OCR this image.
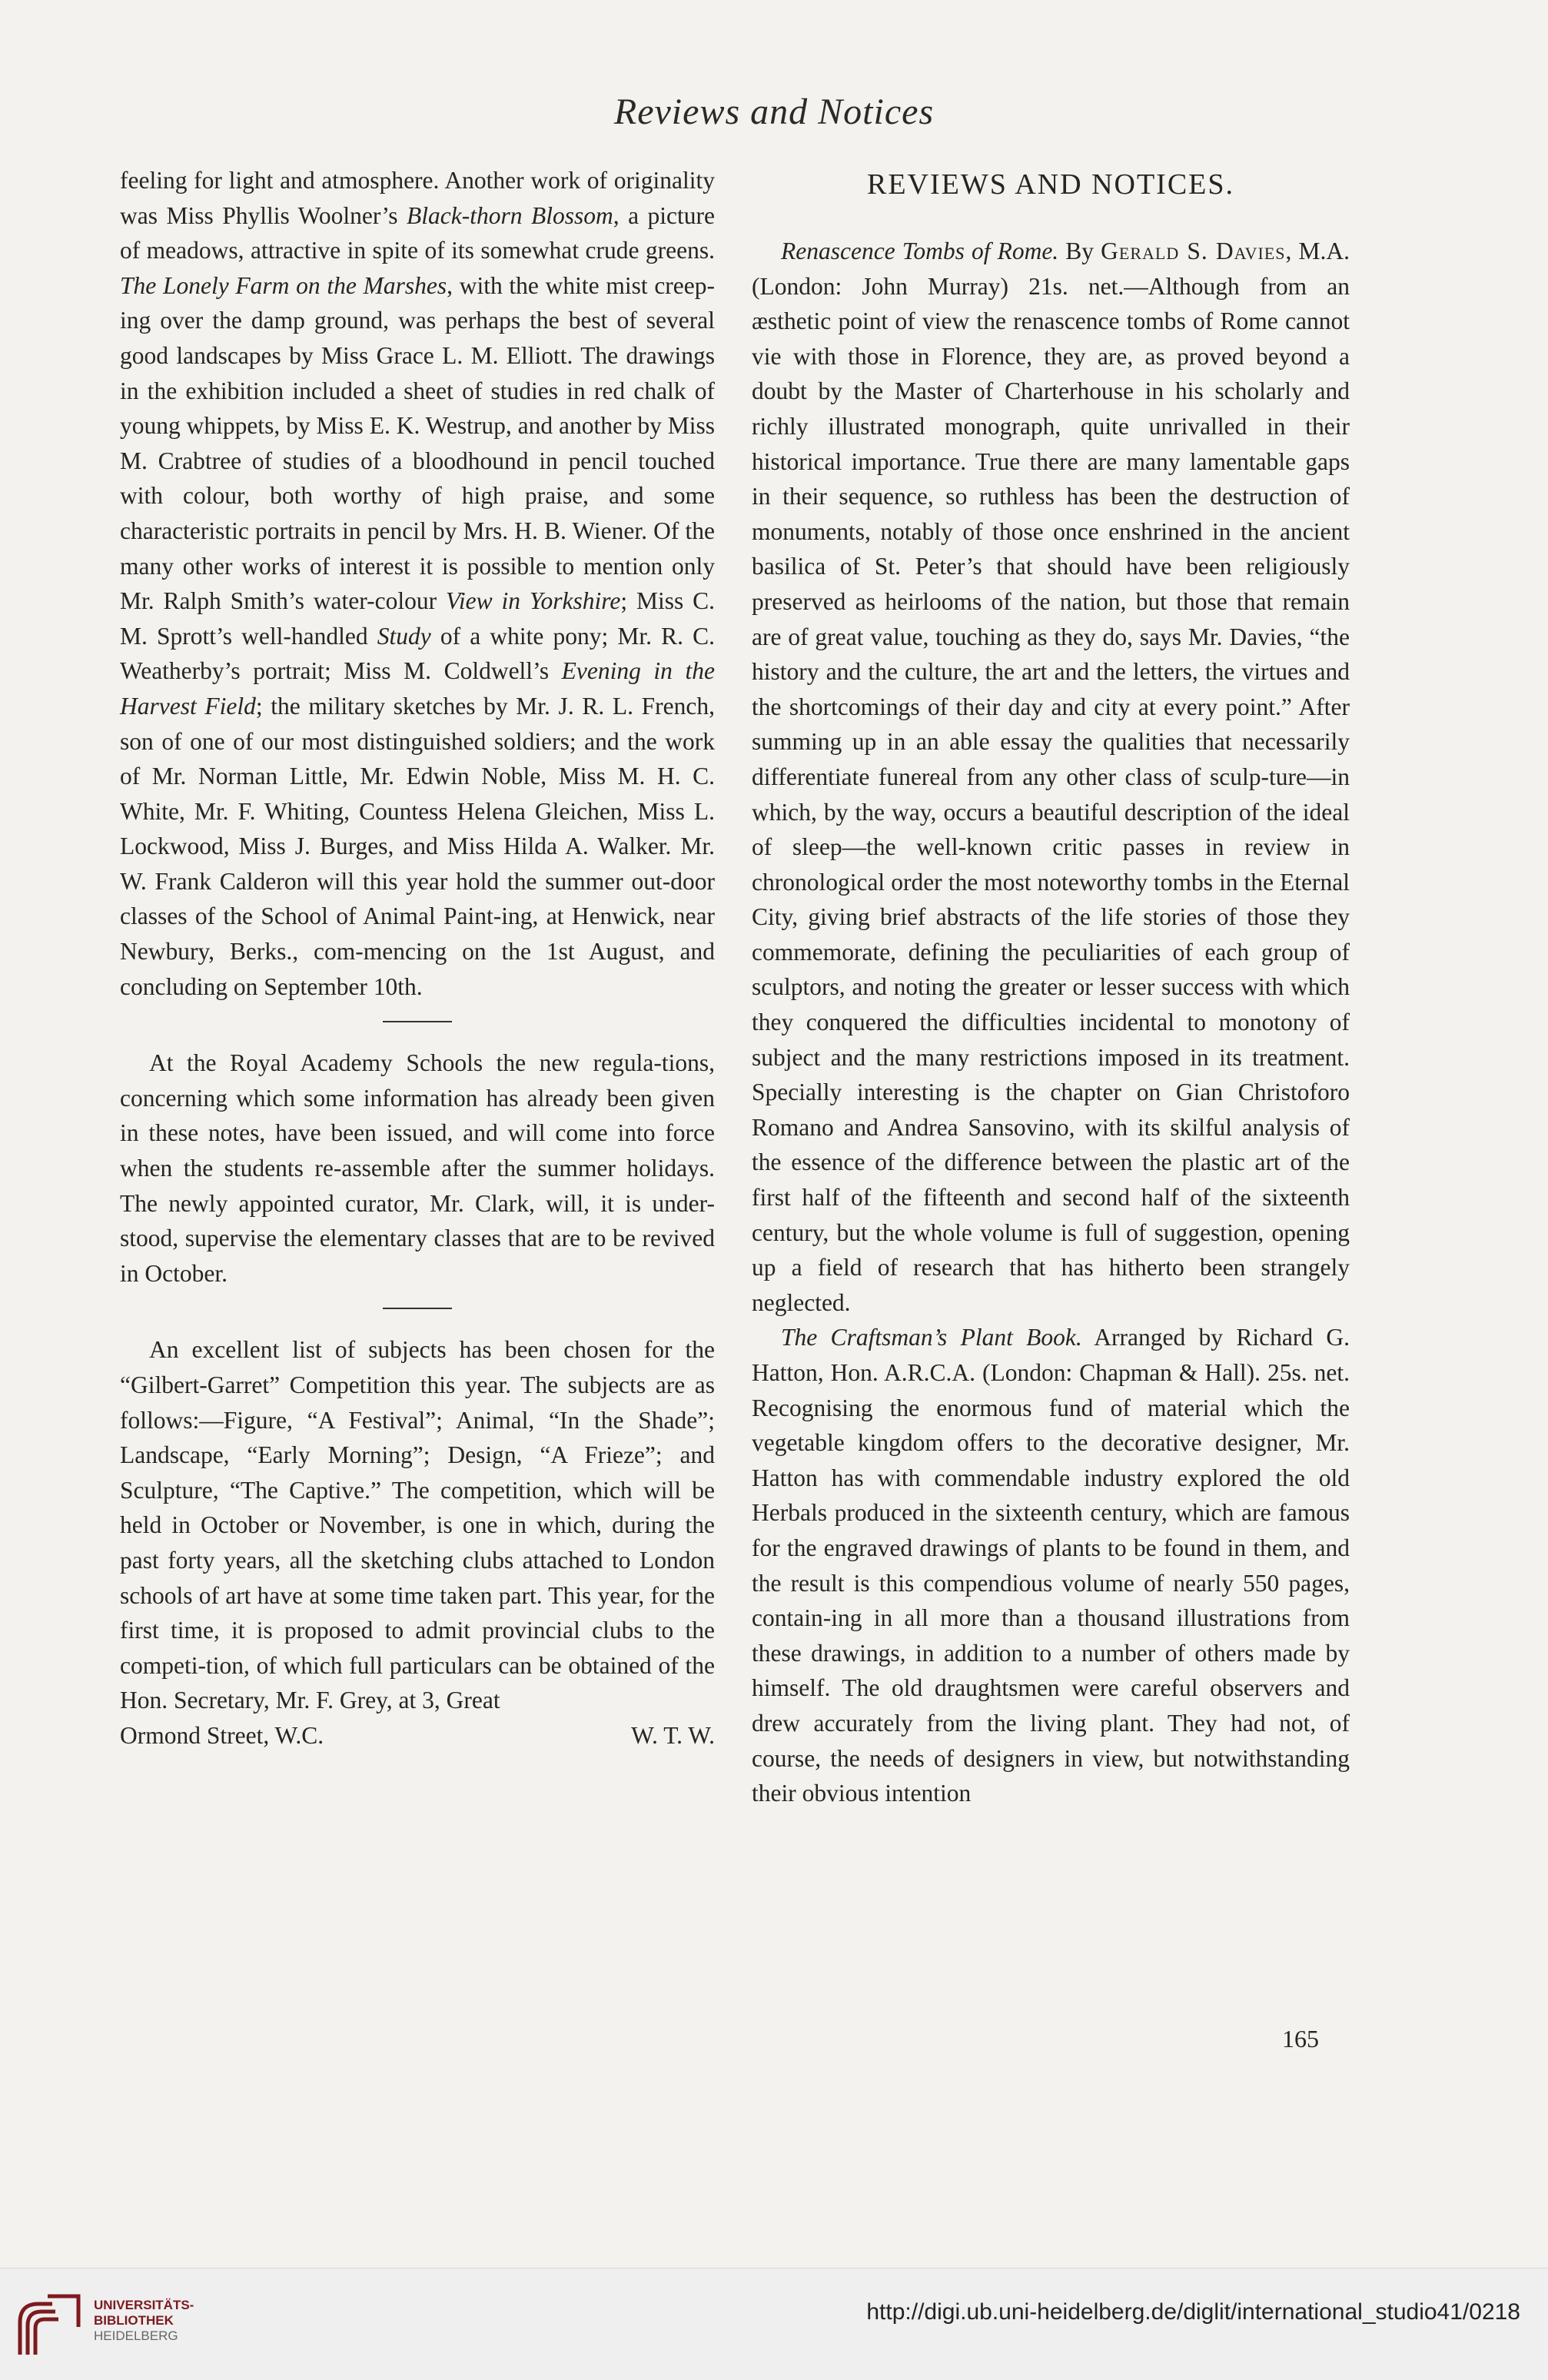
Reviews and Notices

feeling for light and atmosphere. Another work of originality was Miss Phyllis Woolner’s Black-thorn Blossom, a picture of meadows, attractive in spite of its somewhat crude greens. The Lonely Farm on the Marshes, with the white mist creep-ing over the damp ground, was perhaps the best of several good landscapes by Miss Grace L. M. Elliott. The drawings in the exhibition included a sheet of studies in red chalk of young whippets, by Miss E. K. Westrup, and another by Miss M. Crabtree of studies of a bloodhound in pencil touched with colour, both worthy of high praise, and some characteristic portraits in pencil by Mrs. H. B. Wiener. Of the many other works of interest it is possible to mention only Mr. Ralph Smith’s water-colour View in Yorkshire; Miss C. M. Sprott’s well-handled Study of a white pony; Mr. R. C. Weatherby’s portrait; Miss M. Coldwell’s Evening in the Harvest Field; the military sketches by Mr. J. R. L. French, son of one of our most distinguished soldiers; and the work of Mr. Norman Little, Mr. Edwin Noble, Miss M. H. C. White, Mr. F. Whiting, Countess Helena Gleichen, Miss L. Lockwood, Miss J. Burges, and Miss Hilda A. Walker. Mr. W. Frank Calderon will this year hold the summer out-door classes of the School of Animal Paint-ing, at Henwick, near Newbury, Berks., com-mencing on the 1st August, and concluding on September 10th.

At the Royal Academy Schools the new regula-tions, concerning which some information has already been given in these notes, have been issued, and will come into force when the students re-assemble after the summer holidays. The newly appointed curator, Mr. Clark, will, it is under-stood, supervise the elementary classes that are to be revived in October.

An excellent list of subjects has been chosen for the “Gilbert-Garret” Competition this year. The subjects are as follows:—Figure, “A Festival”; Animal, “In the Shade”; Landscape, “Early Morning”; Design, “A Frieze”; and Sculpture, “The Captive.” The competition, which will be held in October or November, is one in which, during the past forty years, all the sketching clubs attached to London schools of art have at some time taken part. This year, for the first time, it is proposed to admit provincial clubs to the competi-tion, of which full particulars can be obtained of the Hon. Secretary, Mr. F. Grey, at 3, Great

Ormond Street, W.C.	W. T. W.
REVIEWS AND NOTICES.

Renascence Tombs of Rome. By Gerald S. Davies, M.A. (London: John Murray) 21s. net.—Although from an æsthetic point of view the renascence tombs of Rome cannot vie with those in Florence, they are, as proved beyond a doubt by the Master of Charterhouse in his scholarly and richly illustrated monograph, quite unrivalled in their historical importance. True there are many lamentable gaps in their sequence, so ruthless has been the destruction of monuments, notably of those once enshrined in the ancient basilica of St. Peter’s that should have been religiously preserved as heirlooms of the nation, but those that remain are of great value, touching as they do, says Mr. Davies, “the history and the culture, the art and the letters, the virtues and the shortcomings of their day and city at every point.” After summing up in an able essay the qualities that necessarily differentiate funereal from any other class of sculp-ture—in which, by the way, occurs a beautiful description of the ideal of sleep—the well-known critic passes in review in chronological order the most noteworthy tombs in the Eternal City, giving brief abstracts of the life stories of those they commemorate, defining the peculiarities of each group of sculptors, and noting the greater or lesser success with which they conquered the difficulties incidental to monotony of subject and the many restrictions imposed in its treatment. Specially interesting is the chapter on Gian Christoforo Romano and Andrea Sansovino, with its skilful analysis of the essence of the difference between the plastic art of the first half of the fifteenth and second half of the sixteenth century, but the whole volume is full of suggestion, opening up a field of research that has hitherto been strangely neglected.

The Craftsman’s Plant Book. Arranged by Richard G. Hatton, Hon. A.R.C.A. (London: Chapman & Hall). 25s. net. Recognising the enormous fund of material which the vegetable kingdom offers to the decorative designer, Mr. Hatton has with commendable industry explored the old Herbals produced in the sixteenth century, which are famous for the engraved drawings of plants to be found in them, and the result is this compendious volume of nearly 550 pages, contain-ing in all more than a thousand illustrations from these drawings, in addition to a number of others made by himself. The old draughtsmen were careful observers and drew accurately from the living plant. They had not, of course, the needs of designers in view, but notwithstanding their obvious intention

165
UNIVERSITÄTS-
BIBLIOTHEK
HEIDELBERG
http://digi.ub.uni-heidelberg.de/diglit/international_studio41/0218
